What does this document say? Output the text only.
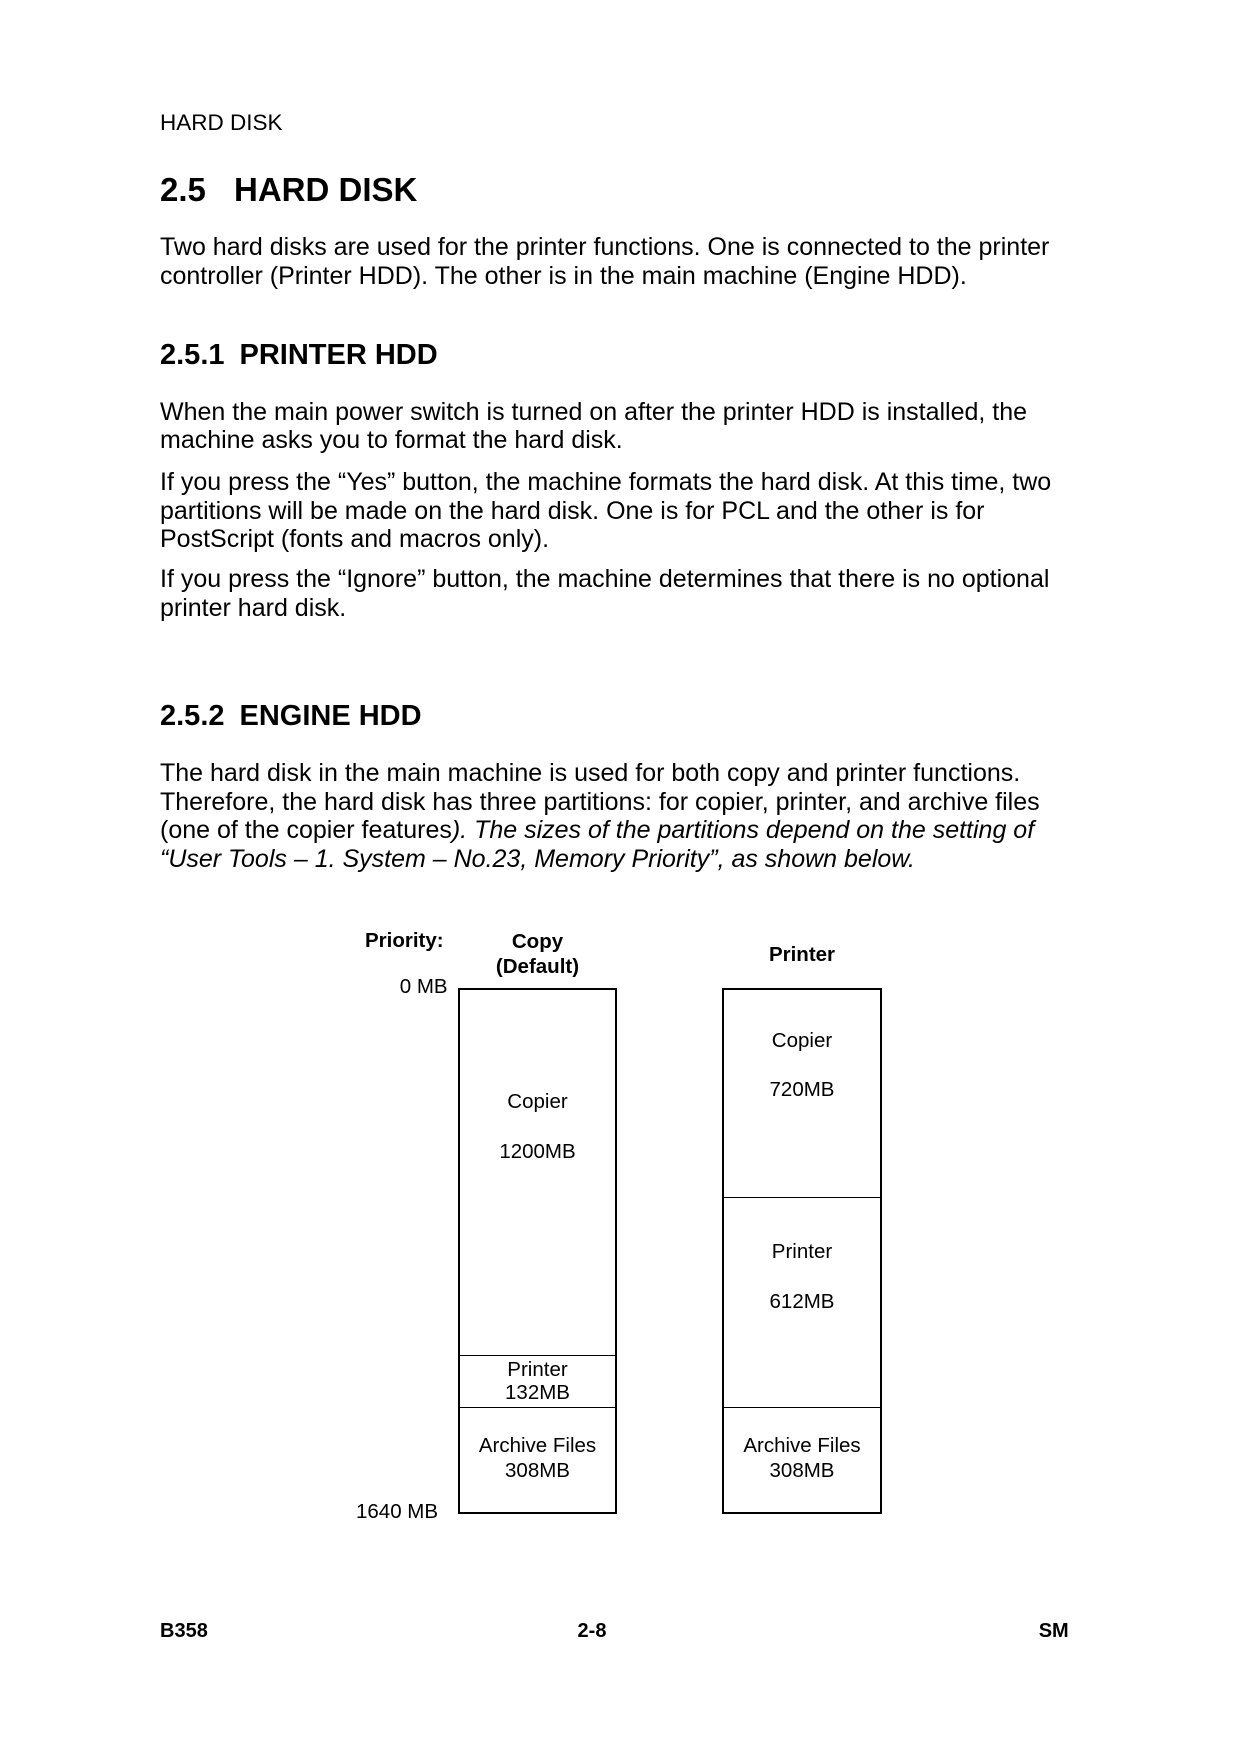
HARD DISK
2.5 HARD DISK
Two hard disks are used for the printer functions. One is connected to the printer
controller (Printer HDD). The other is in the main machine (Engine HDD).
2.5.1 PRINTER HDD
When the main power switch is turned on after the printer HDD is installed, the
machine asks you to format the hard disk.
If you press the “Yes” button, the machine formats the hard disk. At this time, two
partitions will be made on the hard disk. One is for PCL and the other is for
PostScript (fonts and macros only).
If you press the “Ignore” button, the machine determines that there is no optional
printer hard disk.
2.5.2 ENGINE HDD
The hard disk in the main machine is used for both copy and printer functions.
Therefore, the hard disk has three partitions: for copier, printer, and archive files
(one of the copier features). The sizes of the partitions depend on the setting of
“User Tools – 1. System – No.23, Memory Priority”, as shown below.
Priority:	Copy
(Default)
Printer
0 MB
1640 MB
Copier
1200MB
Printer
132MB
Archive Files
308MB
Copier
720MB
Printer
612MB
Archive Files
308MB
B358	2-8	SM
